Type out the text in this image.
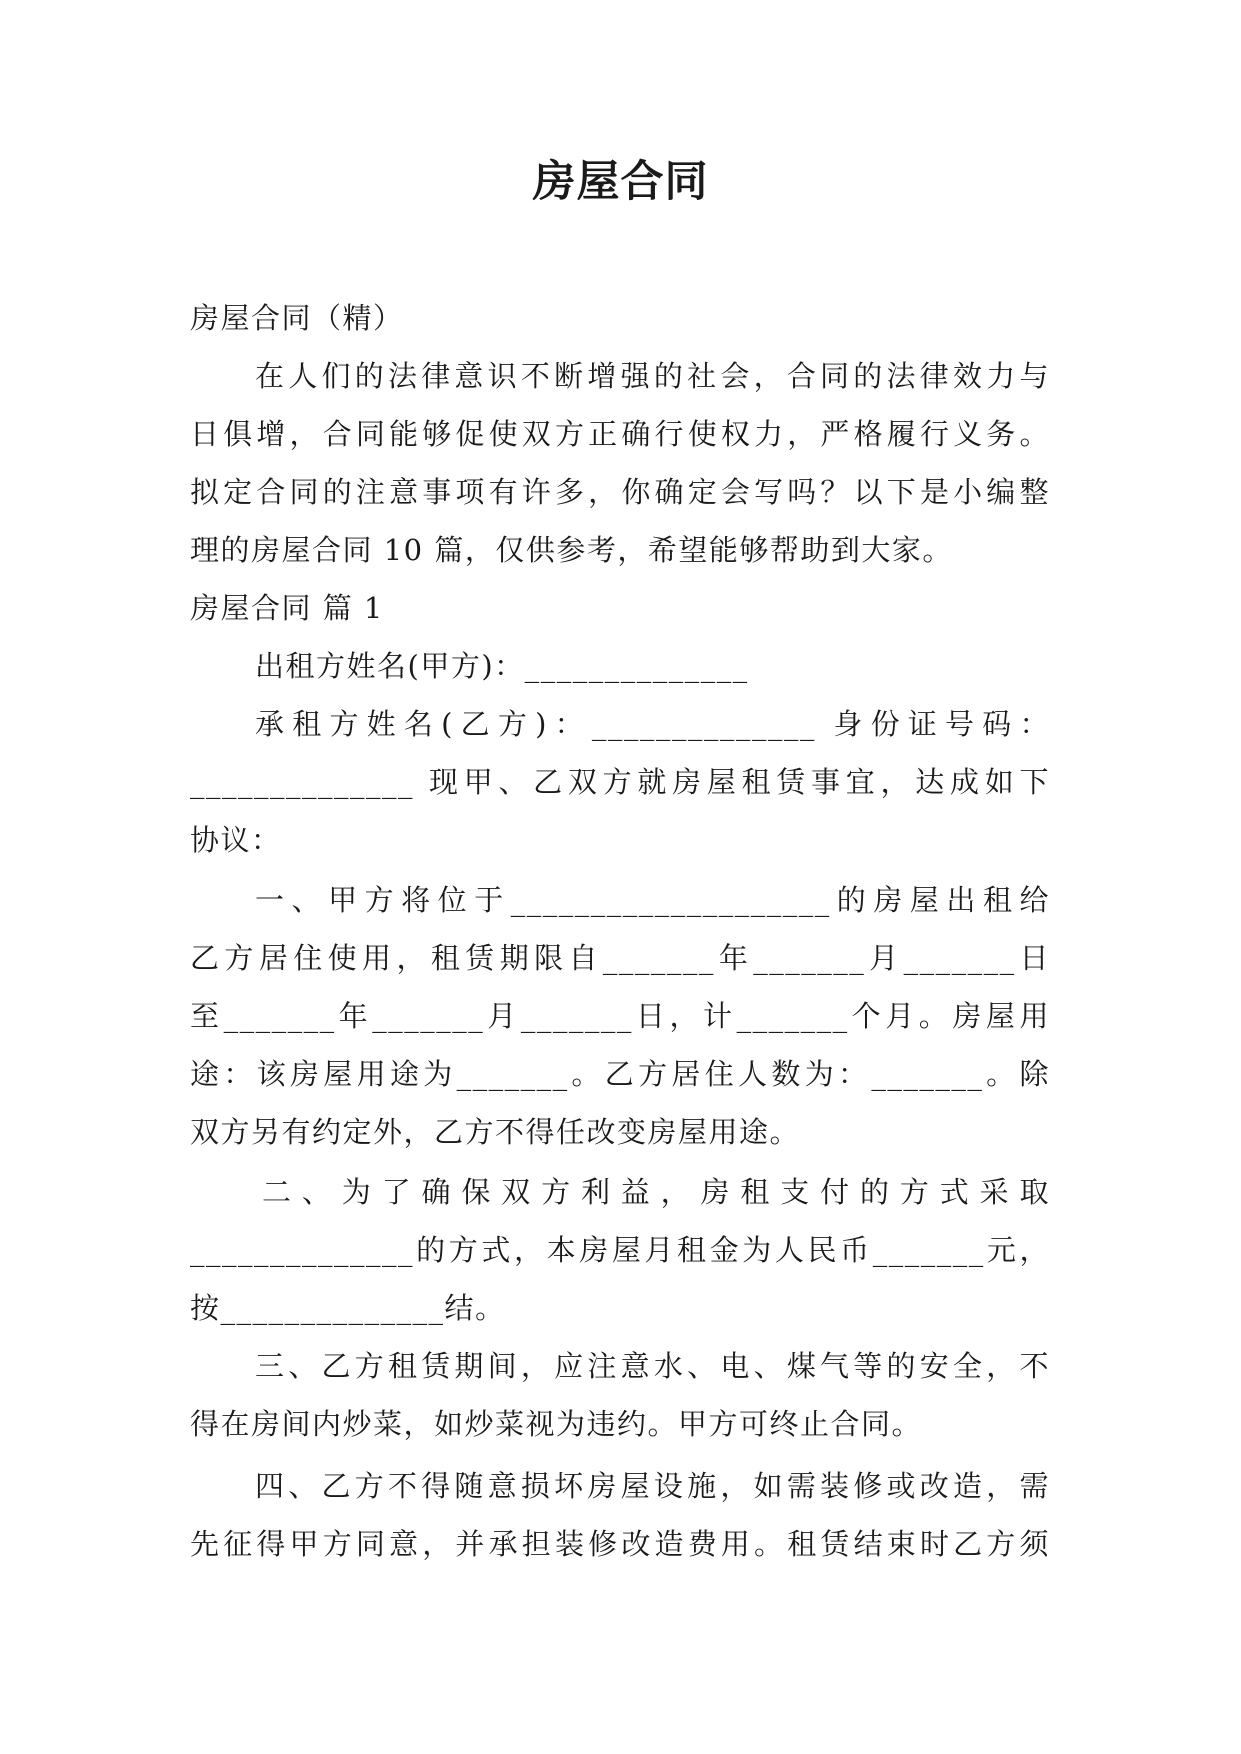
房屋合同
房屋合同（精）
在人们的法律意识不断增强的社会，合同的法律效力与
日俱增，合同能够促使双方正确行使权力，严格履行义务。
拟定合同的注意事项有许多，你确定会写吗？以下是小编整
理的房屋合同 10 篇，仅供参考，希望能够帮助到大家。
房屋合同 篇 1
出租方姓名(甲方)：______________
承租方姓名(乙方)：______________ 身份证号码：
______________ 现甲、乙双方就房屋租赁事宜，达成如下
协议：
一、甲方将位于____________________的房屋出租给
乙方居住使用，租赁期限自_______年_______月_______日
至_______年_______月_______日，计_______个月。房屋用
途：该房屋用途为_______。乙方居住人数为：_______。除
双方另有约定外，乙方不得任改变房屋用途。
二、为了确保双方利益，房租支付的方式采取
______________的方式，本房屋月租金为人民币_______元，
按______________结。
三、乙方租赁期间，应注意水、电、煤气等的安全，不
得在房间内炒菜，如炒菜视为违约。甲方可终止合同。
四、乙方不得随意损坏房屋设施，如需装修或改造，需
先征得甲方同意，并承担装修改造费用。租赁结束时乙方须
